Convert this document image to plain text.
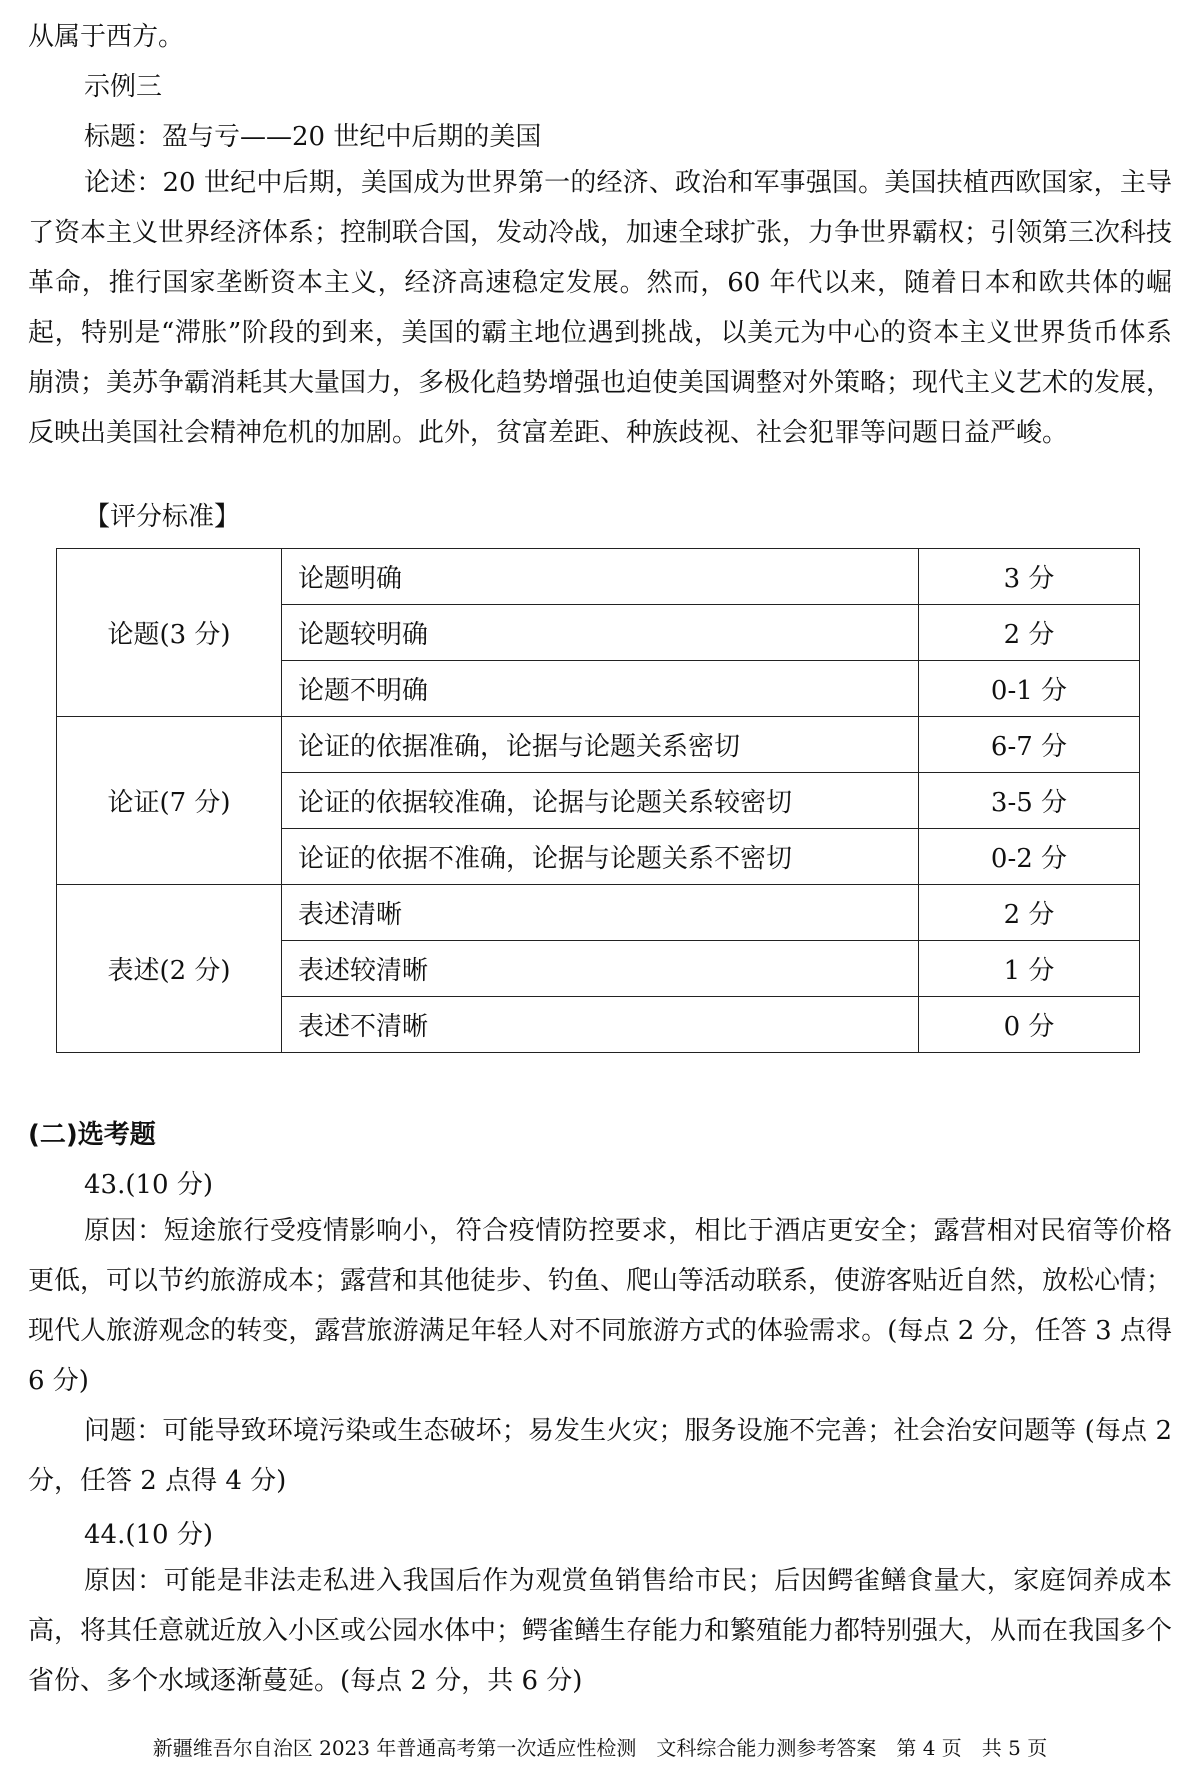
从属于西方。
示例三
标题：盈与亏——20 世纪中后期的美国
论述：20 世纪中后期，美国成为世界第一的经济、政治和军事强国。美国扶植西欧国家，主导了资本主义世界经济体系；控制联合国，发动冷战，加速全球扩张，力争世界霸权；引领第三次科技革命，推行国家垄断资本主义，经济高速稳定发展。然而，60 年代以来，随着日本和欧共体的崛起，特别是“滞胀”阶段的到来，美国的霸主地位遇到挑战，以美元为中心的资本主义世界货币体系崩溃；美苏争霸消耗其大量国力，多极化趋势增强也迫使美国调整对外策略；现代主义艺术的发展，反映出美国社会精神危机的加剧。此外，贫富差距、种族歧视、社会犯罪等问题日益严峻。
【评分标准】
论题(3 分)	论题明确	3 分
	论题较明确	2 分
	论题不明确	0-1 分
论证(7 分)	论证的依据准确，论据与论题关系密切	6-7 分
	论证的依据较准确，论据与论题关系较密切	3-5 分
	论证的依据不准确，论据与论题关系不密切	0-2 分
表述(2 分)	表述清晰	2 分
	表述较清晰	1 分
	表述不清晰	0 分
(二)选考题
43.(10 分)
原因：短途旅行受疫情影响小，符合疫情防控要求，相比于酒店更安全；露营相对民宿等价格更低，可以节约旅游成本；露营和其他徒步、钓鱼、爬山等活动联系，使游客贴近自然，放松心情；现代人旅游观念的转变，露营旅游满足年轻人对不同旅游方式的体验需求。(每点 2 分，任答 3 点得 6 分)
问题：可能导致环境污染或生态破坏；易发生火灾；服务设施不完善；社会治安问题等 (每点 2 分，任答 2 点得 4 分)
44.(10 分)
原因：可能是非法走私进入我国后作为观赏鱼销售给市民；后因鳄雀鳝食量大，家庭饲养成本高，将其任意就近放入小区或公园水体中；鳄雀鳝生存能力和繁殖能力都特别强大，从而在我国多个省份、多个水域逐渐蔓延。(每点 2 分，共 6 分)
新疆维吾尔自治区 2023 年普通高考第一次适应性检测　文科综合能力测参考答案　第 4 页　共 5 页
